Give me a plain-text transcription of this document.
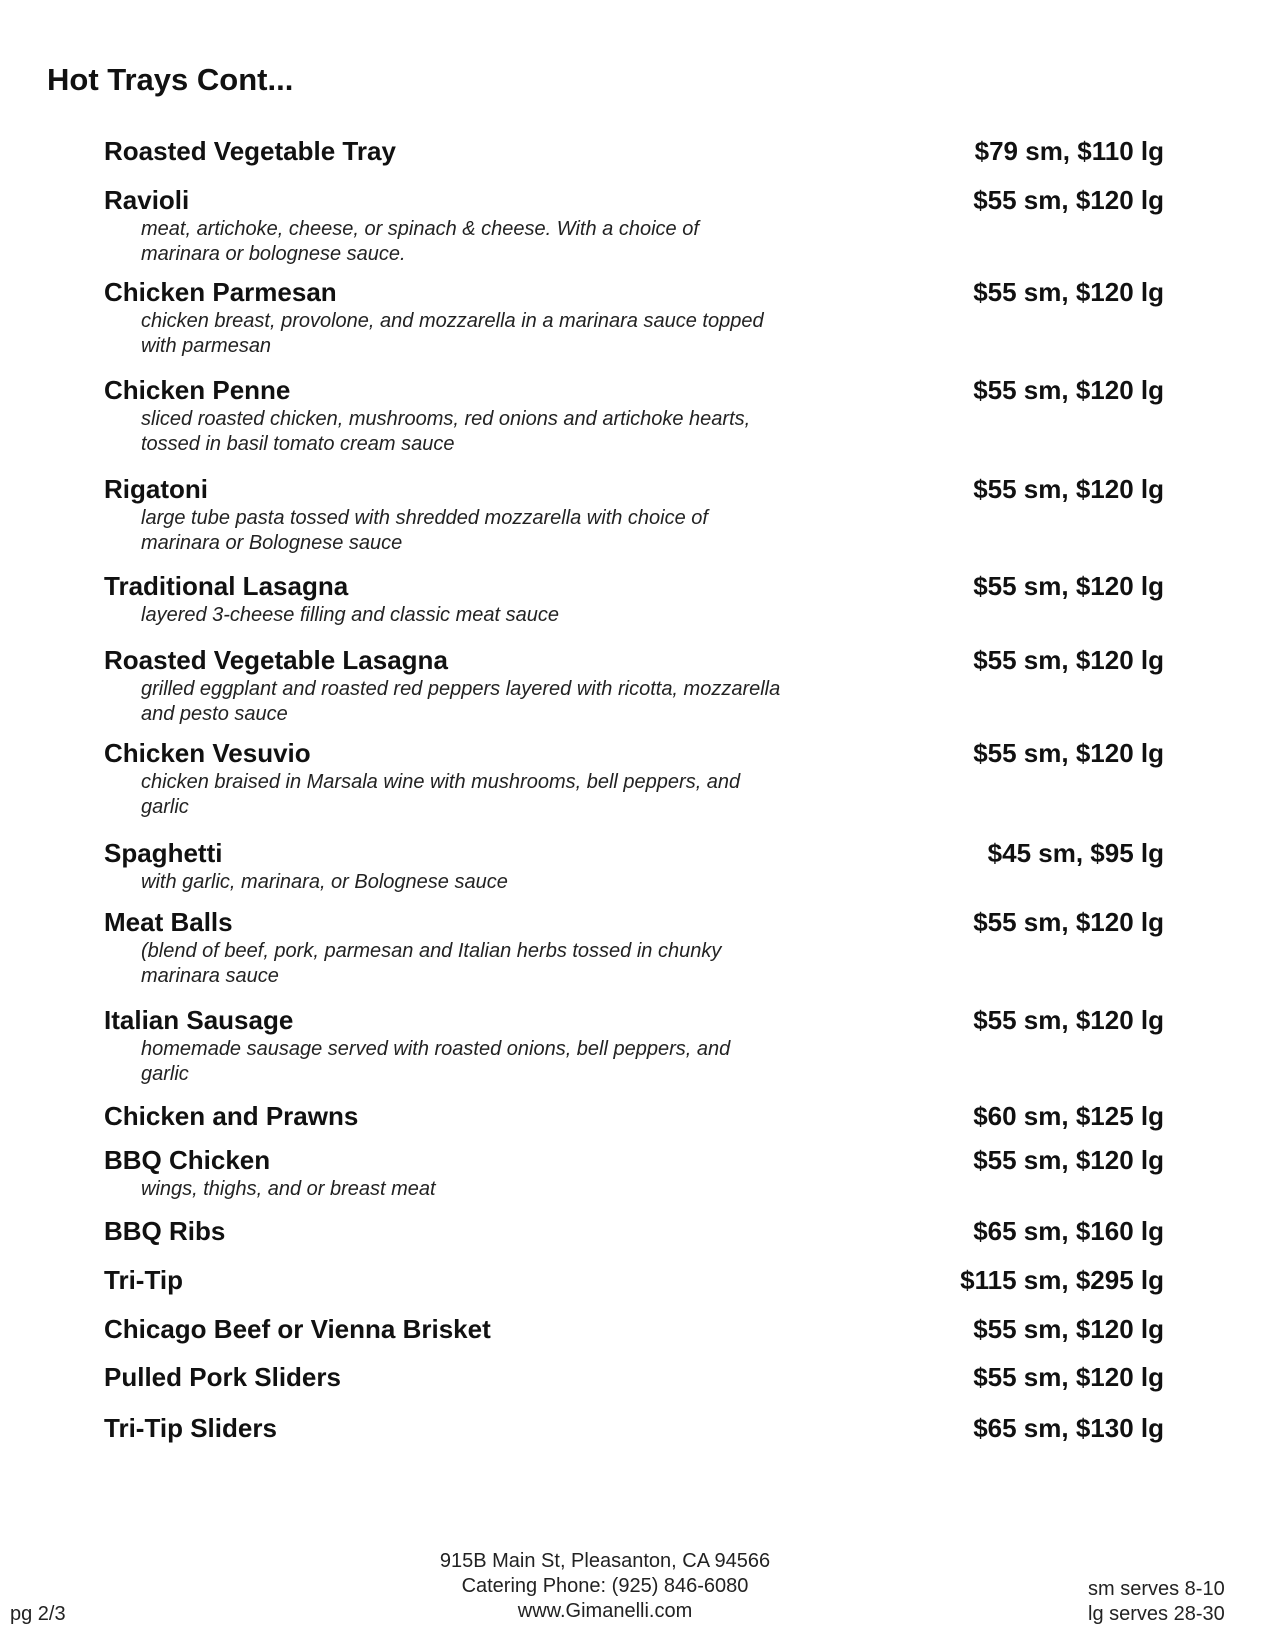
Hot Trays Cont...
Roasted Vegetable Tray	$79 sm, $110 lg
Ravioli	$55 sm, $120 lg
meat, artichoke, cheese, or spinach & cheese. With a choice of marinara or bolognese sauce.
Chicken Parmesan	$55 sm, $120 lg
chicken breast, provolone, and mozzarella in a marinara sauce topped with parmesan
Chicken Penne	$55 sm, $120 lg
sliced roasted chicken, mushrooms, red onions and artichoke hearts, tossed in basil tomato cream sauce
Rigatoni	$55 sm, $120 lg
large tube pasta tossed with shredded mozzarella with choice of marinara or Bolognese sauce
Traditional Lasagna	$55 sm, $120 lg
layered 3-cheese filling and classic meat sauce
Roasted Vegetable Lasagna	$55 sm, $120 lg
grilled eggplant and roasted red peppers layered with ricotta, mozzarella and pesto sauce
Chicken Vesuvio	$55 sm, $120 lg
chicken braised in Marsala wine with mushrooms, bell peppers, and garlic
Spaghetti	$45 sm, $95 lg
with garlic, marinara, or Bolognese sauce
Meat Balls	$55 sm, $120 lg
(blend of beef, pork, parmesan and Italian herbs tossed in chunky marinara sauce
Italian Sausage	$55 sm, $120 lg
homemade sausage served with roasted onions, bell peppers, and garlic
Chicken and Prawns	$60 sm, $125 lg
BBQ Chicken	$55 sm, $120 lg
wings, thighs, and or breast meat
BBQ Ribs	$65 sm, $160 lg
Tri-Tip	$115 sm, $295 lg
Chicago Beef or Vienna Brisket	$55 sm, $120 lg
Pulled Pork Sliders	$55 sm, $120 lg
Tri-Tip Sliders	$65 sm, $130 lg
915B Main St, Pleasanton, CA 94566
Catering Phone: (925) 846-6080
www.Gimanelli.com
pg 2/3
sm serves 8-10
lg serves 28-30
